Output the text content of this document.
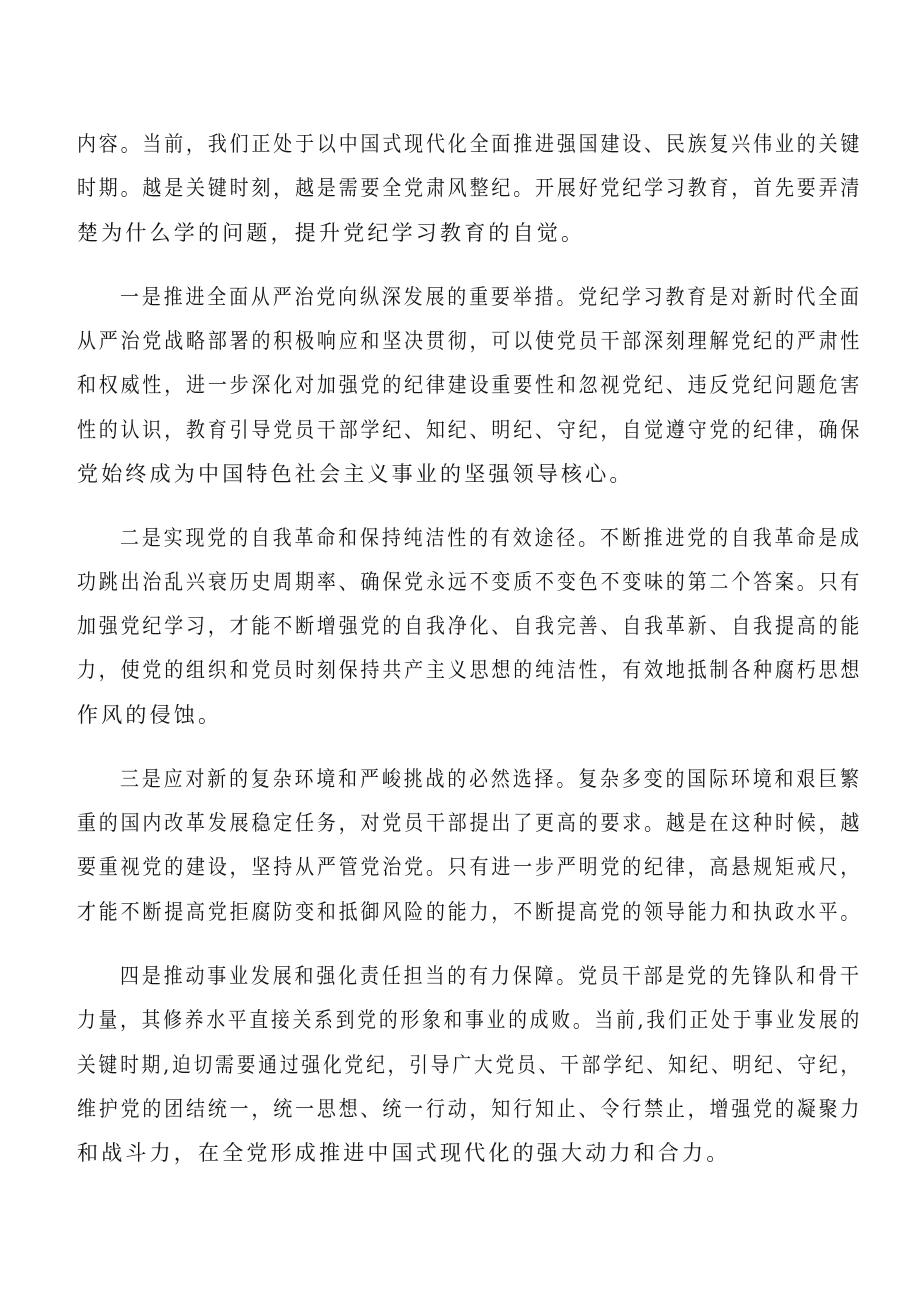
内容。当前，我们正处于以中国式现代化全面推进强国建设、民族复兴伟业的关键
时期。越是关键时刻，越是需要全党肃风整纪。开展好党纪学习教育，首先要弄清
楚为什么学的问题，提升党纪学习教育的自觉。
一是推进全面从严治党向纵深发展的重要举措。党纪学习教育是对新时代全面
从严治党战略部署的积极响应和坚决贯彻，可以使党员干部深刻理解党纪的严肃性
和权威性，进一步深化对加强党的纪律建设重要性和忽视党纪、违反党纪问题危害
性的认识，教育引导党员干部学纪、知纪、明纪、守纪，自觉遵守党的纪律，确保
党始终成为中国特色社会主义事业的坚强领导核心。
二是实现党的自我革命和保持纯洁性的有效途径。不断推进党的自我革命是成
功跳出治乱兴衰历史周期率、确保党永远不变质不变色不变味的第二个答案。只有
加强党纪学习，才能不断增强党的自我净化、自我完善、自我革新、自我提高的能
力，使党的组织和党员时刻保持共产主义思想的纯洁性，有效地抵制各种腐朽思想
作风的侵蚀。
三是应对新的复杂环境和严峻挑战的必然选择。复杂多变的国际环境和艰巨繁
重的国内改革发展稳定任务，对党员干部提出了更高的要求。越是在这种时候，越
要重视党的建设，坚持从严管党治党。只有进一步严明党的纪律，高悬规矩戒尺，
才能不断提高党拒腐防变和抵御风险的能力，不断提高党的领导能力和执政水平。
四是推动事业发展和强化责任担当的有力保障。党员干部是党的先锋队和骨干
力量，其修养水平直接关系到党的形象和事业的成败。当前,我们正处于事业发展的
关键时期,迫切需要通过强化党纪，引导广大党员、干部学纪、知纪、明纪、守纪，
维护党的团结统一，统一思想、统一行动，知行知止、令行禁止，增强党的凝聚力
和战斗力，在全党形成推进中国式现代化的强大动力和合力。
